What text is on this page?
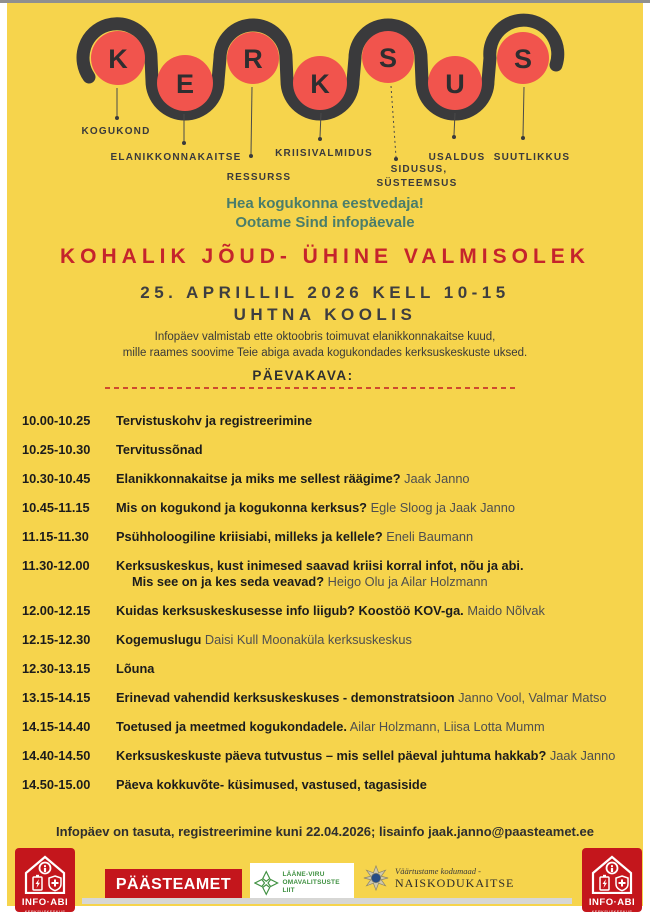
K
E
R
K
S
U
S
KOGUKOND
ELANIKKONNAKAITSE
RESSURSS
KRIISIVALMIDUS
SIDUSUS,
SÜSTEEMSUS
USALDUS SUUTLIKKUS
Hea kogukonna eestvedaja!
Ootame Sind infopäevale
KOHALIK JÕUD- ÜHINE VALMISOLEK
25. APRILLIL 2026 KELL 10-15
UHTNA KOOLIS

Infopäev valmistab ette oktoobris toimuvat elanikkonnakaitse kuud,
mille raames soovime Teie abiga avada kogukondades kerksuskeskuste uksed.

PÄEVAKAVA:
10.00-10.25	Tervistuskohv ja registreerimine
10.25-10.30	Tervitussõnad
10.30-10.45	Elanikkonnakaitse ja miks me sellest räägime? Jaak Janno
10.45-11.15	Mis on kogukond ja kogukonna kerksus? Egle Sloog ja Jaak Janno
11.15-11.30	Psühholoogiline kriisiabi, milleks ja kellele? Eneli Baumann
11.30-12.00	Kerksuskeskus, kust inimesed saavad kriisi korral infot, nõu ja abi.
Mis see on ja kes seda veavad? Heigo Olu ja Ailar Holzmann
12.00-12.15	Kuidas kerksuskeskusesse info liigub? Koostöö KOV-ga. Maido Nõlvak
12.15-12.30	Kogemuslugu Daisi Kull Moonaküla kerksuskeskus
12.30-13.15	Lõuna
13.15-14.15	Erinevad vahendid kerksuskeskuses - demonstratsioon Janno Vool, Valmar Matso
14.15-14.40	Toetused ja meetmed kogukondadele. Ailar Holzmann, Liisa Lotta Mumm
14.40-14.50	Kerksuskeskuste päeva tutvustus – mis sellel päeval juhtuma hakkab? Jaak Janno
14.50-15.00	Päeva kokkuvõte- küsimused, vastused, tagasiside
Infopäev on tasuta, registreerimine kuni 22.04.2026; lisainfo jaak.janno@paasteamet.ee
INFO·ABI
KERKSUSKESKUS
PÄÄSTEAMET
LÄÄNE-VIRU
OMAVALITSUSTE LIIT
Väärtustame kodumaad -
NAISKODUKAITSE
INFO·ABI
KERKSUSKESKUS
